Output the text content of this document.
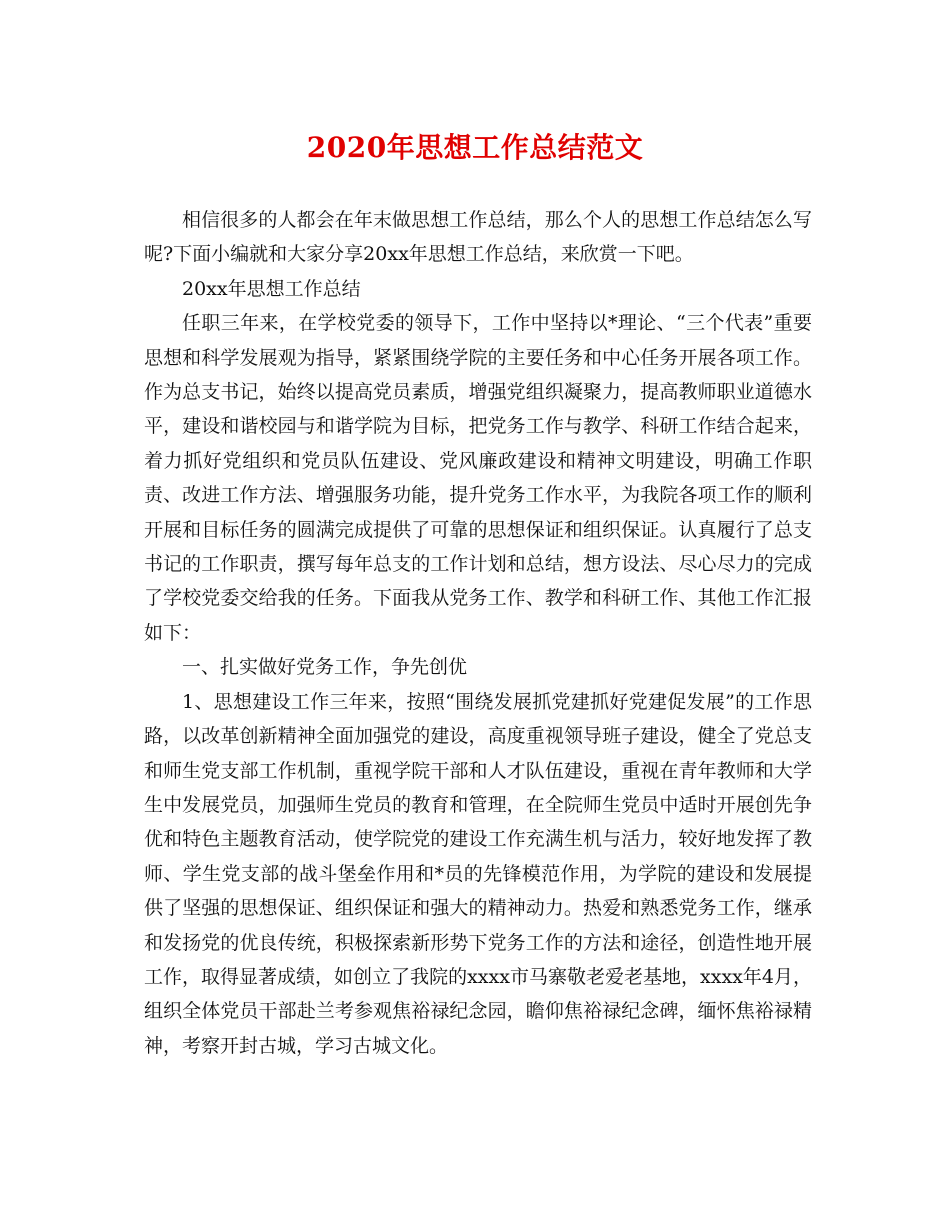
2020年思想工作总结范文

相信很多的人都会在年末做思想工作总结，那么个人的思想工作总结怎么写呢?下面小编就和大家分享20xx年思想工作总结，来欣赏一下吧。

20xx年思想工作总结

任职三年来，在学校党委的领导下，工作中坚持以*理论、“三个代表”重要思想和科学发展观为指导，紧紧围绕学院的主要任务和中心任务开展各项工作。作为总支书记，始终以提高党员素质，增强党组织凝聚力，提高教师职业道德水平，建设和谐校园与和谐学院为目标，把党务工作与教学、科研工作结合起来，着力抓好党组织和党员队伍建设、党风廉政建设和精神文明建设，明确工作职责、改进工作方法、增强服务功能，提升党务工作水平，为我院各项工作的顺利开展和目标任务的圆满完成提供了可靠的思想保证和组织保证。认真履行了总支书记的工作职责，撰写每年总支的工作计划和总结，想方设法、尽心尽力的完成了学校党委交给我的任务。下面我从党务工作、教学和科研工作、其他工作汇报如下：

一、扎实做好党务工作，争先创优

1、思想建设工作三年来，按照“围绕发展抓党建抓好党建促发展”的工作思路，以改革创新精神全面加强党的建设，高度重视领导班子建设，健全了党总支和师生党支部工作机制，重视学院干部和人才队伍建设，重视在青年教师和大学生中发展党员，加强师生党员的教育和管理，在全院师生党员中适时开展创先争优和特色主题教育活动，使学院党的建设工作充满生机与活力，较好地发挥了教师、学生党支部的战斗堡垒作用和*员的先锋模范作用，为学院的建设和发展提供了坚强的思想保证、组织保证和强大的精神动力。热爱和熟悉党务工作，继承和发扬党的优良传统，积极探索新形势下党务工作的方法和途径，创造性地开展工作，取得显著成绩，如创立了我院的xxxx市马寨敬老爱老基地，xxxx年4月，组织全体党员干部赴兰考参观焦裕禄纪念园，瞻仰焦裕禄纪念碑，缅怀焦裕禄精神，考察开封古城，学习古城文化。
